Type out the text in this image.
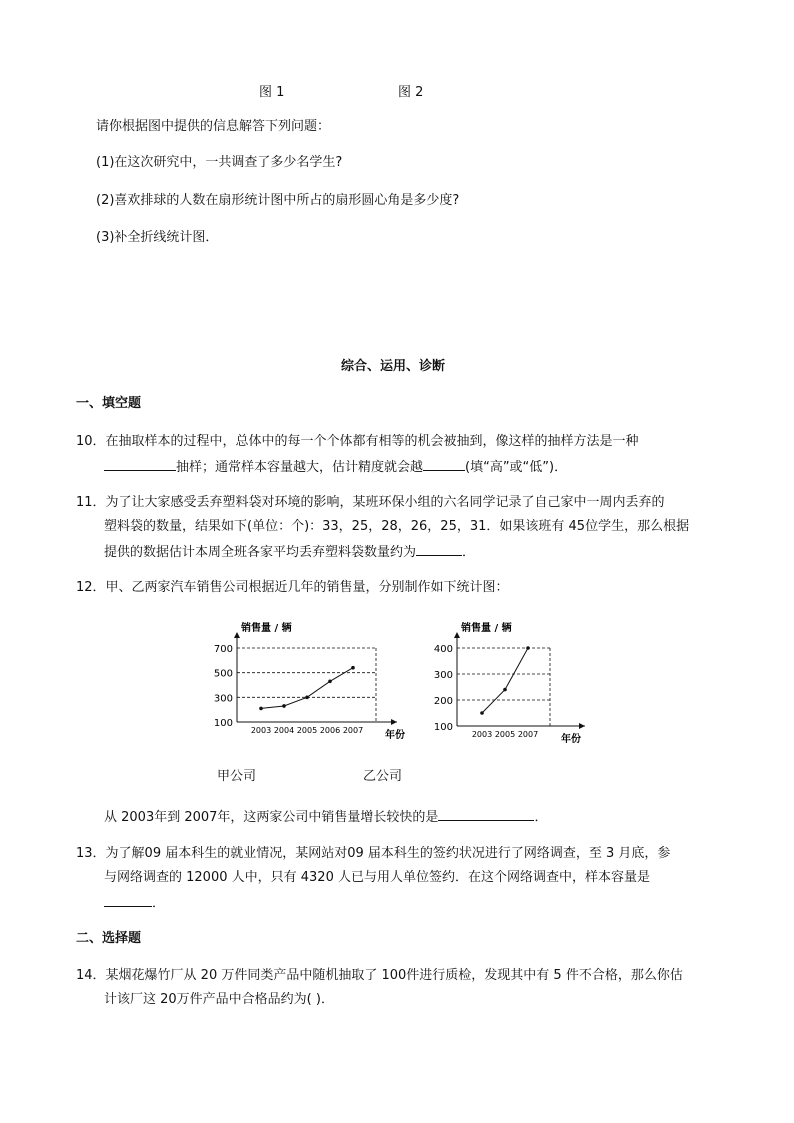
图 1	图 2
请你根据图中提供的信息解答下列问题：
(1)在这次研究中，一共调查了多少名学生?
(2)喜欢排球的人数在扇形统计图中所占的扇形圆心角是多少度?
(3)补全折线统计图．
综合、运用、诊断
一、填空题
10．在抽取样本的过程中，总体中的每一个个体都有相等的机会被抽到，像这样的抽样方法是一种
抽样；通常样本容量越大，估计精度就会越	(填“高”或“低”)．
11．为了让大家感受丢弃塑料袋对环境的影响，某班环保小组的六名同学记录了自己家中一周内丢弃的
塑料袋的数量，结果如下(单位：个)：33，25，28，26，25，31．如果该班有 45位学生，那么根据
提供的数据估计本周全班各家平均丢弃塑料袋数量约为	．
12．甲、乙两家汽车销售公司根据近几年的销售量，分别制作如下统计图：
销售量 / 辆
100
300
500
700
2003 2004 2005 2006 2007 年份
销售量 / 辆
100
200
300
400
2003 2005 2007 年份
甲公司	乙公司
从 2003年到 2007年，这两家公司中销售量增长较快的是	．
13．为了解09 届本科生的就业情况，某网站对09 届本科生的签约状况进行了网络调查，至 3 月底，参
与网络调查的 12000 人中，只有 4320 人已与用人单位签约．在这个网络调查中，样本容量是
．
二、选择题
14．某烟花爆竹厂从 20 万件同类产品中随机抽取了 100件进行质检，发现其中有 5 件不合格，那么你估
计该厂这 20万件产品中合格品约为( )．
